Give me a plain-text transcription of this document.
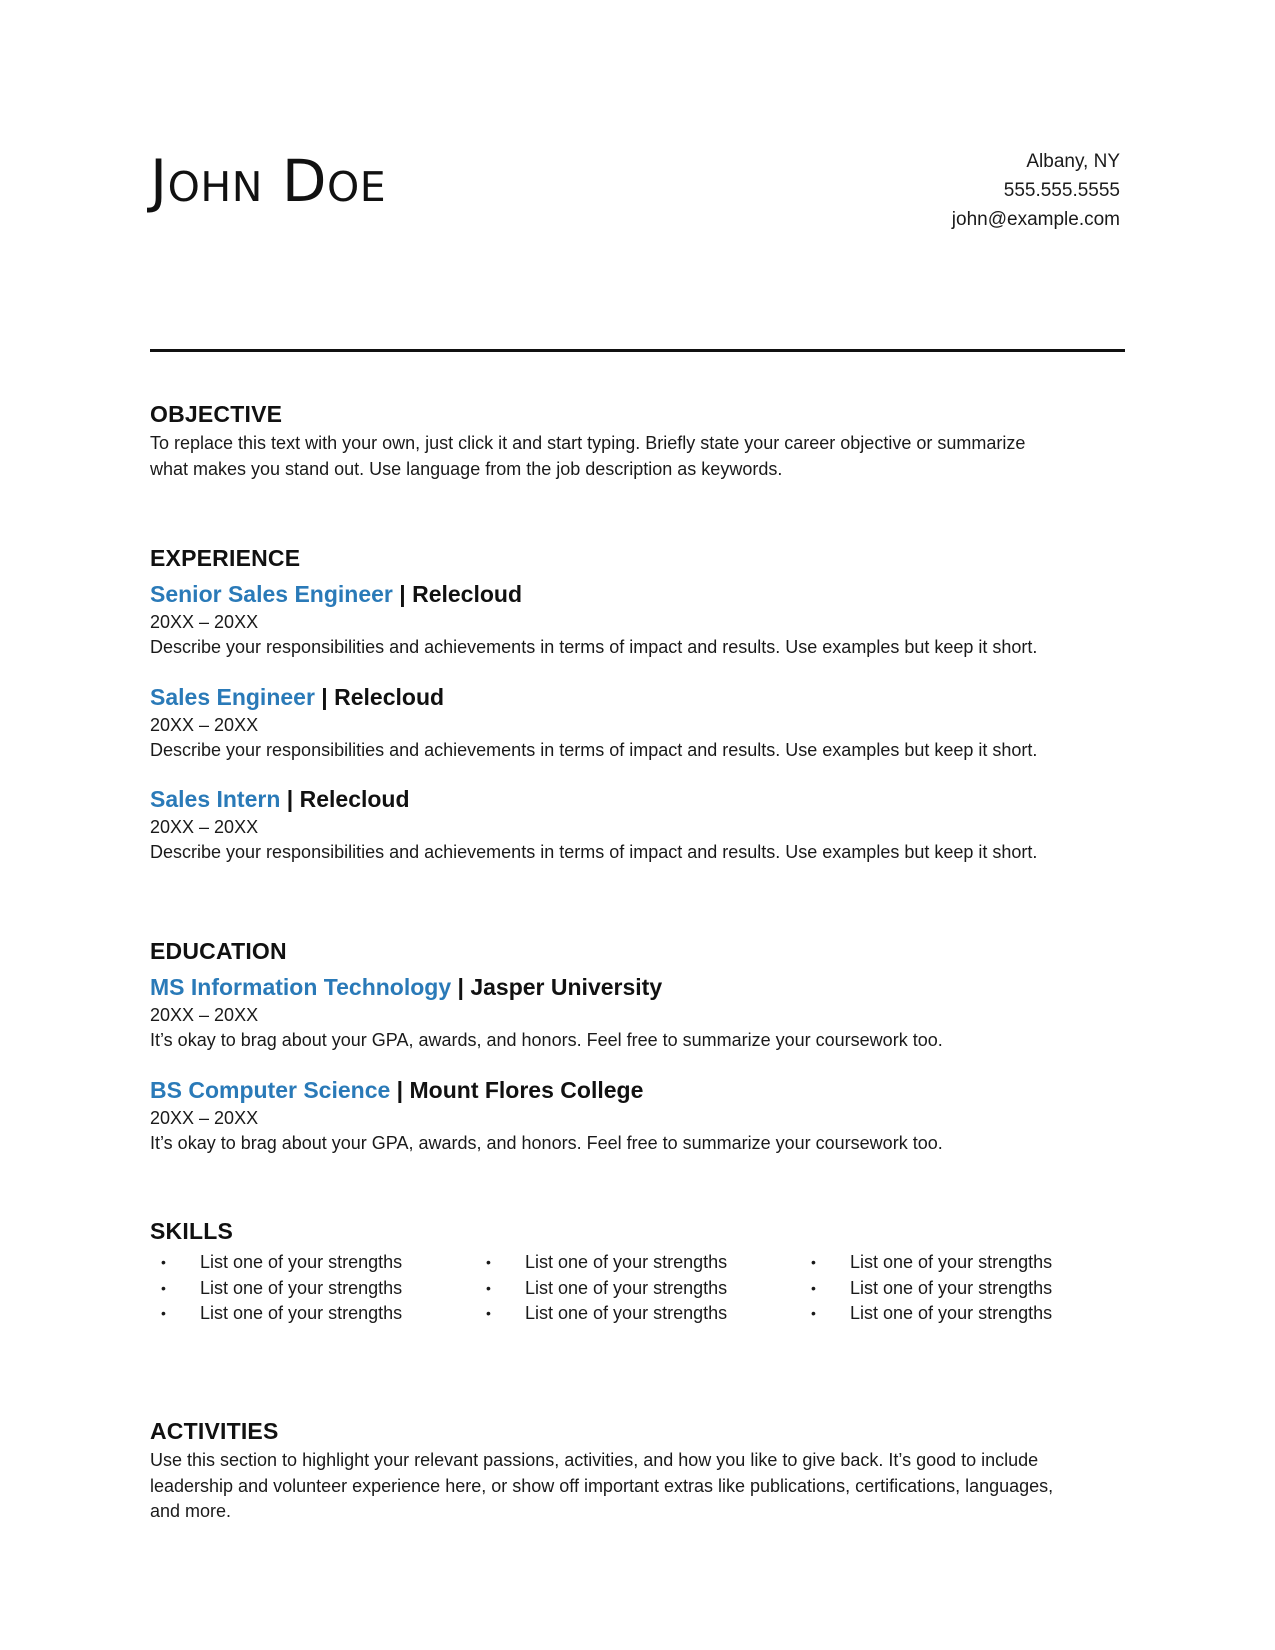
John Doe	Albany, NY
555.555.5555
john@example.com
OBJECTIVE

To replace this text with your own, just click it and start typing. Briefly state your career objective or summarize

what makes you stand out. Use language from the job description as keywords.

EXPERIENCE

Senior Sales Engineer | Relecloud

20XX – 20XX

Describe your responsibilities and achievements in terms of impact and results. Use examples but keep it short.

Sales Engineer | Relecloud

20XX – 20XX

Describe your responsibilities and achievements in terms of impact and results. Use examples but keep it short.

Sales Intern | Relecloud

20XX – 20XX

Describe your responsibilities and achievements in terms of impact and results. Use examples but keep it short.

EDUCATION

MS Information Technology | Jasper University

20XX – 20XX

It’s okay to brag about your GPA, awards, and honors. Feel free to summarize your coursework too.

BS Computer Science | Mount Flores College

20XX – 20XX

It’s okay to brag about your GPA, awards, and honors. Feel free to summarize your coursework too.

SKILLS
•	List one of your strengths
•	List one of your strengths
•	List one of your strengths
•	List one of your strengths
•	List one of your strengths
•	List one of your strengths
•	List one of your strengths
•	List one of your strengths
•	List one of your strengths
ACTIVITIES

Use this section to highlight your relevant passions, activities, and how you like to give back. It’s good to include

leadership and volunteer experience here, or show off important extras like publications, certifications, languages,

and more.
